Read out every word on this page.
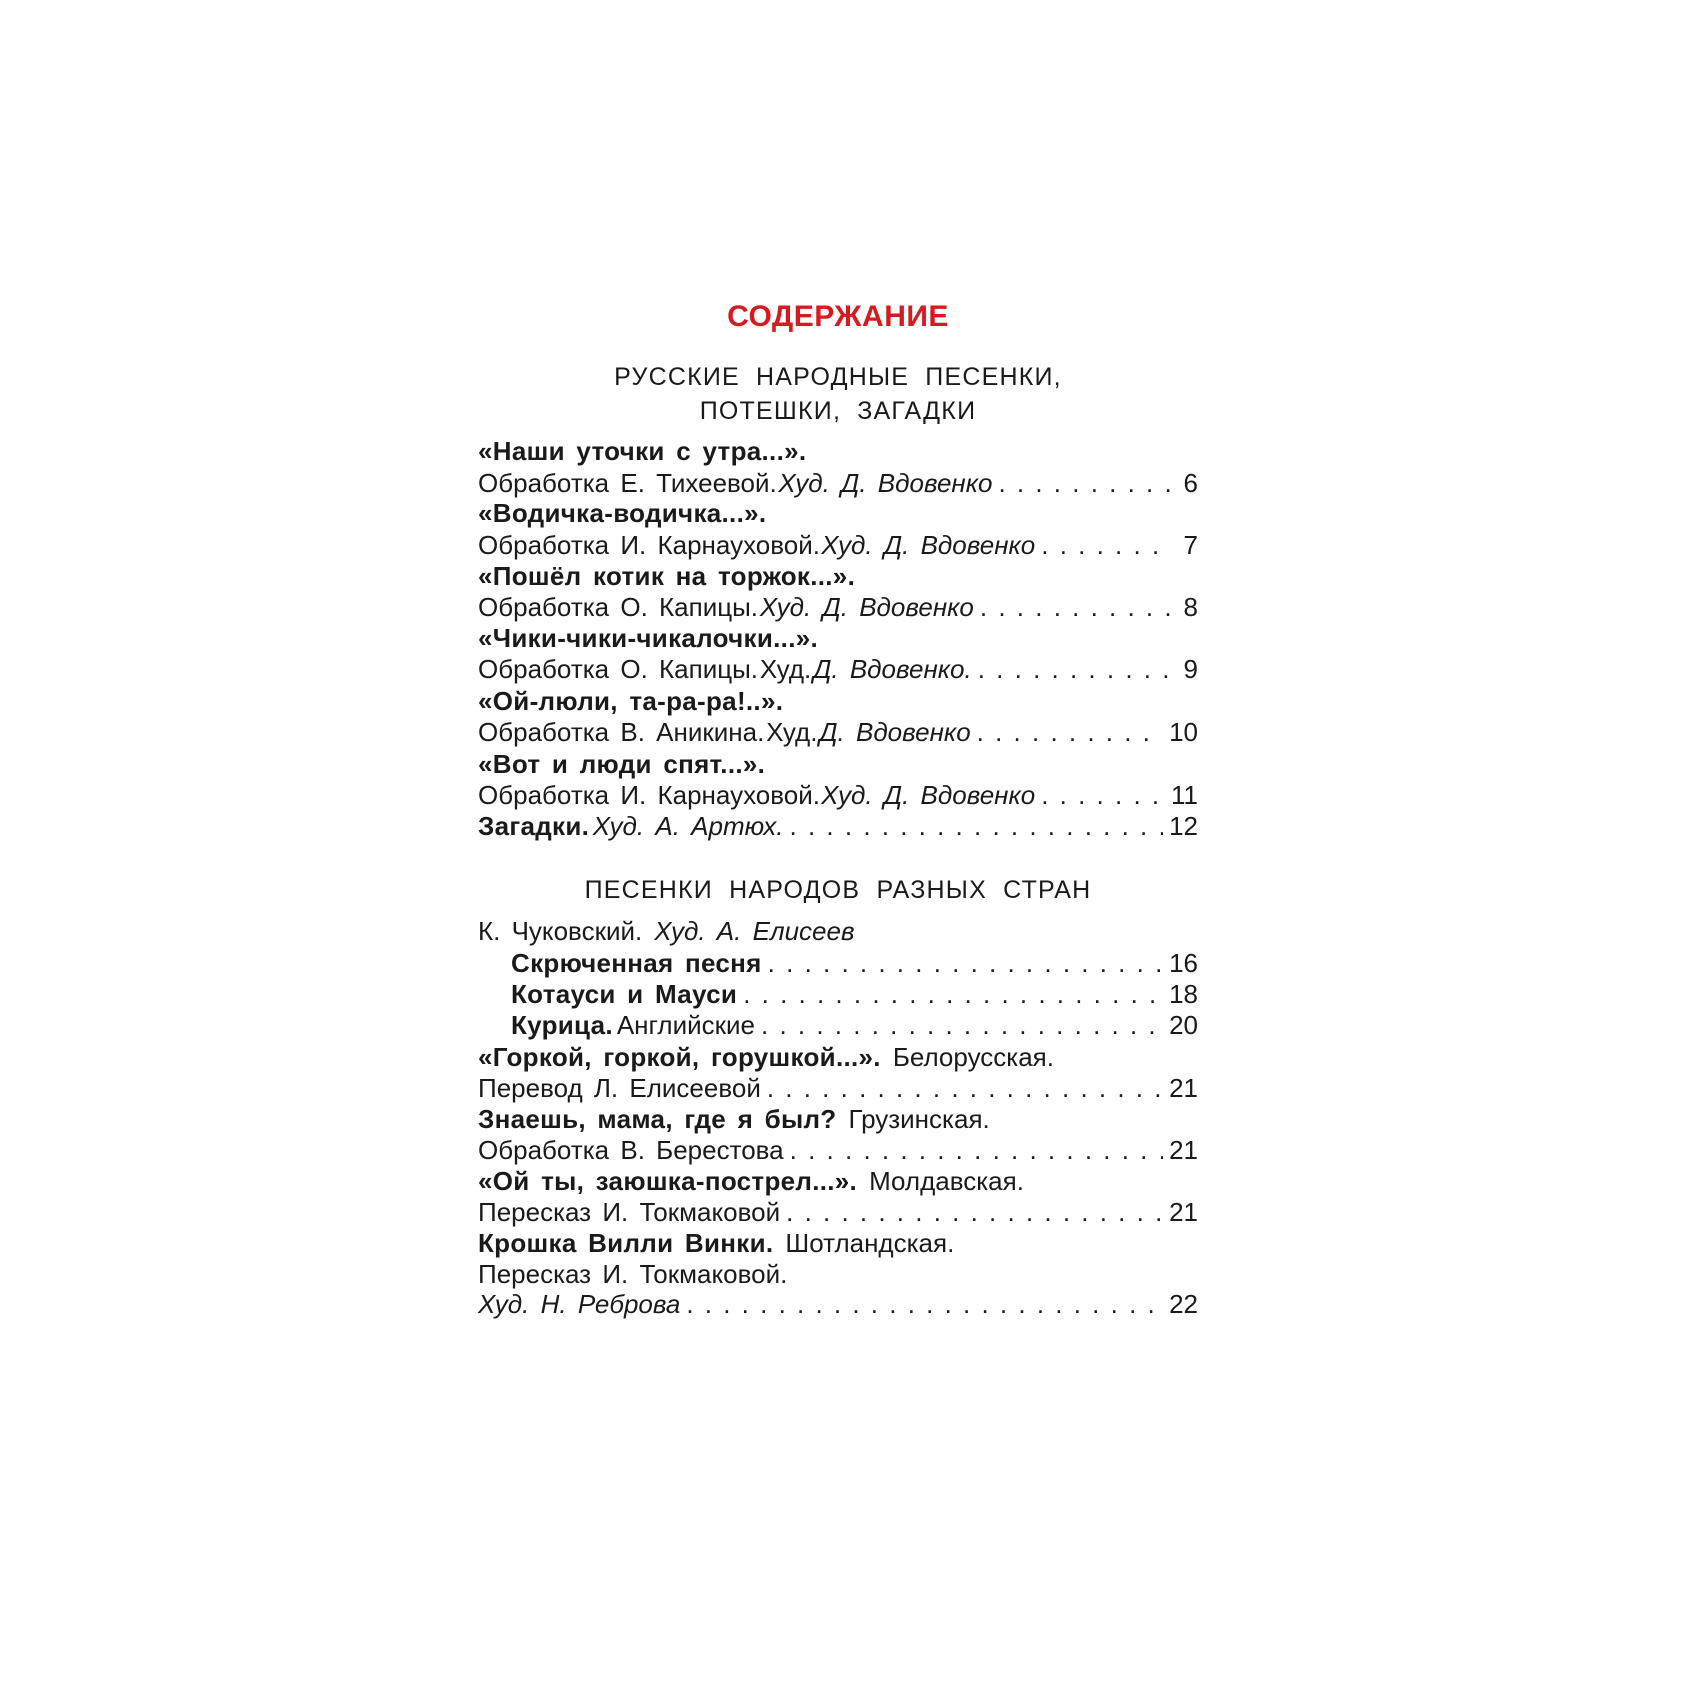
СОДЕРЖАНИЕ
РУССКИЕ НАРОДНЫЕ ПЕСЕНКИ,
ПОТЕШКИ, ЗАГАДКИ
«Наши уточки с утра...».
Обработка Е. Тихеевой. Худ. Д. Вдовенко . . .	6
«Водичка-водичка...».
Обработка И. Карнауховой. Худ. Д. Вдовенко . . .	7
«Пошёл котик на торжок...».
Обработка О. Капицы. Худ. Д. Вдовенко . . .	8
«Чики-чики-чикалочки...».
Обработка О. Капицы. Худ. Д. Вдовенко. . . .	9
«Ой-люли, та-ра-ра!..».
Обработка В. Аникина. Худ. Д. Вдовенко . . .	10
«Вот и люди спят...».
Обработка И. Карнауховой. Худ. Д. Вдовенко . . .	11
Загадки. Худ. А. Артюх. . . .	12
ПЕСЕНКИ НАРОДОВ РАЗНЫХ СТРАН
К. Чуковский. Худ. А. Елисеев
Скрюченная песня . . .	16
Котауси и Мауси . . .	18
Курица. Английские . . .	20
«Горкой, горкой, горушкой...». Белорусская.
Перевод Л. Елисеевой . . .	21
Знаешь, мама, где я был? Грузинская.
Обработка В. Берестова . . .	21
«Ой ты, заюшка-пострел...». Молдавская.
Пересказ И. Токмаковой . . .	21
Крошка Вилли Винки. Шотландская.
Пересказ И. Токмаковой.
Худ. Н. Реброва . . .	22
